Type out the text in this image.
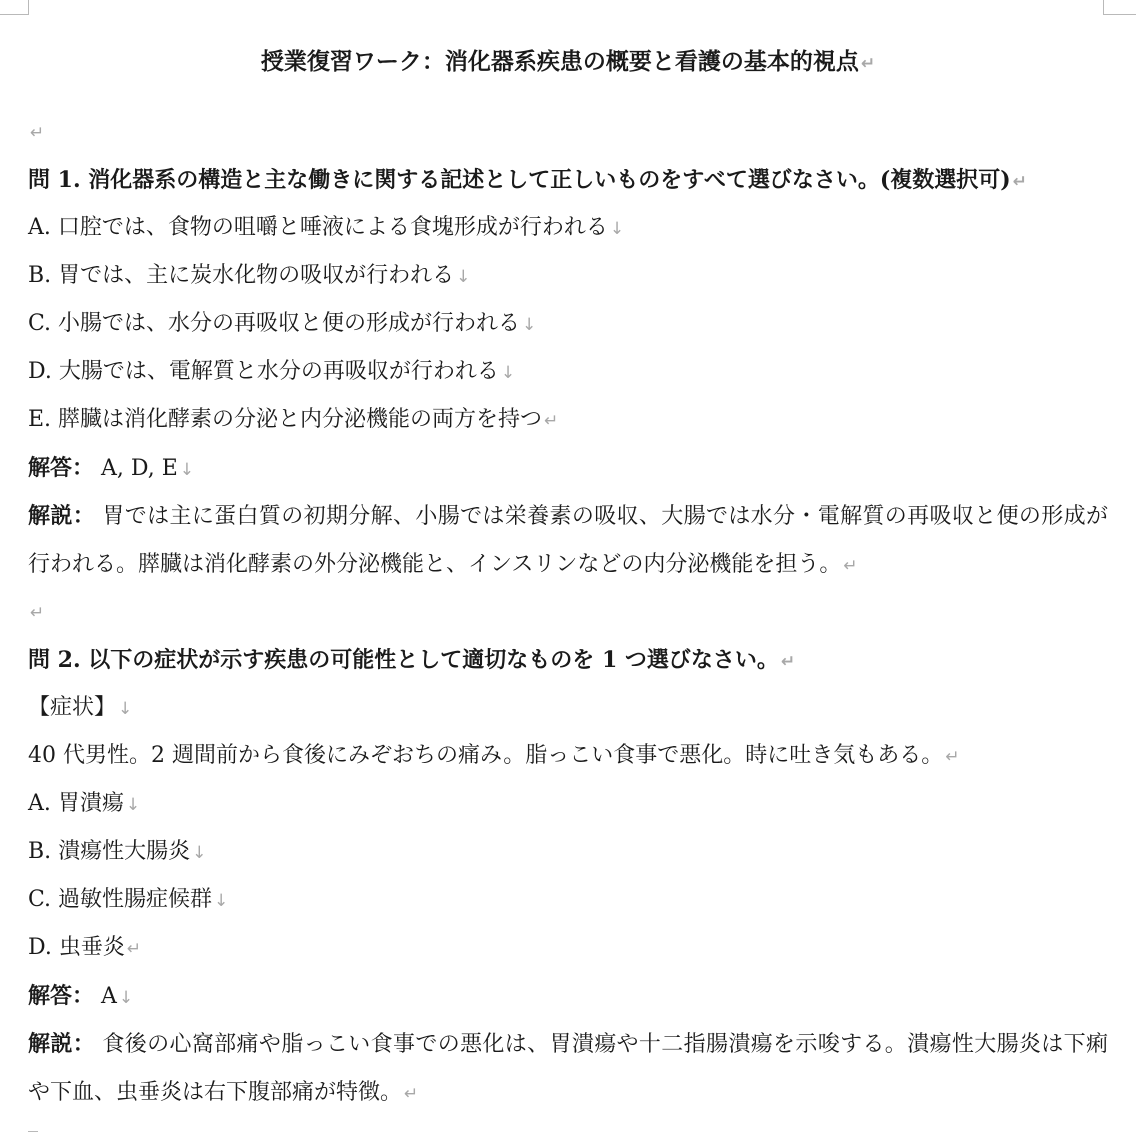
授業復習ワーク：消化器系疾患の概要と看護の基本的視点 ↵
↵
問 1. 消化器系の構造と主な働きに関する記述として正しいものをすべて選びなさい。(複数選択可) ↵
A. 口腔では、食物の咀嚼と唾液による食塊形成が行われる ↓
B. 胃では、主に炭水化物の吸収が行われる ↓
C. 小腸では、水分の再吸収と便の形成が行われる ↓
D. 大腸では、電解質と水分の再吸収が行われる ↓
E. 膵臓は消化酵素の分泌と内分泌機能の両方を持つ ↵
解答： A, D, E ↓
解説： 胃では主に蛋白質の初期分解、小腸では栄養素の吸収、大腸では水分・電解質の再吸収と便の形成が行われる。膵臓は消化酵素の外分泌機能と、インスリンなどの内分泌機能を担う。 ↵
↵
問 2. 以下の症状が示す疾患の可能性として適切なものを 1 つ選びなさい。 ↵
【症状】 ↓
40 代男性。2 週間前から食後にみぞおちの痛み。脂っこい食事で悪化。時に吐き気もある。 ↵
A. 胃潰瘍 ↓
B. 潰瘍性大腸炎 ↓
C. 過敏性腸症候群 ↓
D. 虫垂炎 ↵
解答： A ↓
解説： 食後の心窩部痛や脂っこい食事での悪化は、胃潰瘍や十二指腸潰瘍を示唆する。潰瘍性大腸炎は下痢や下血、虫垂炎は右下腹部痛が特徴。 ↵
